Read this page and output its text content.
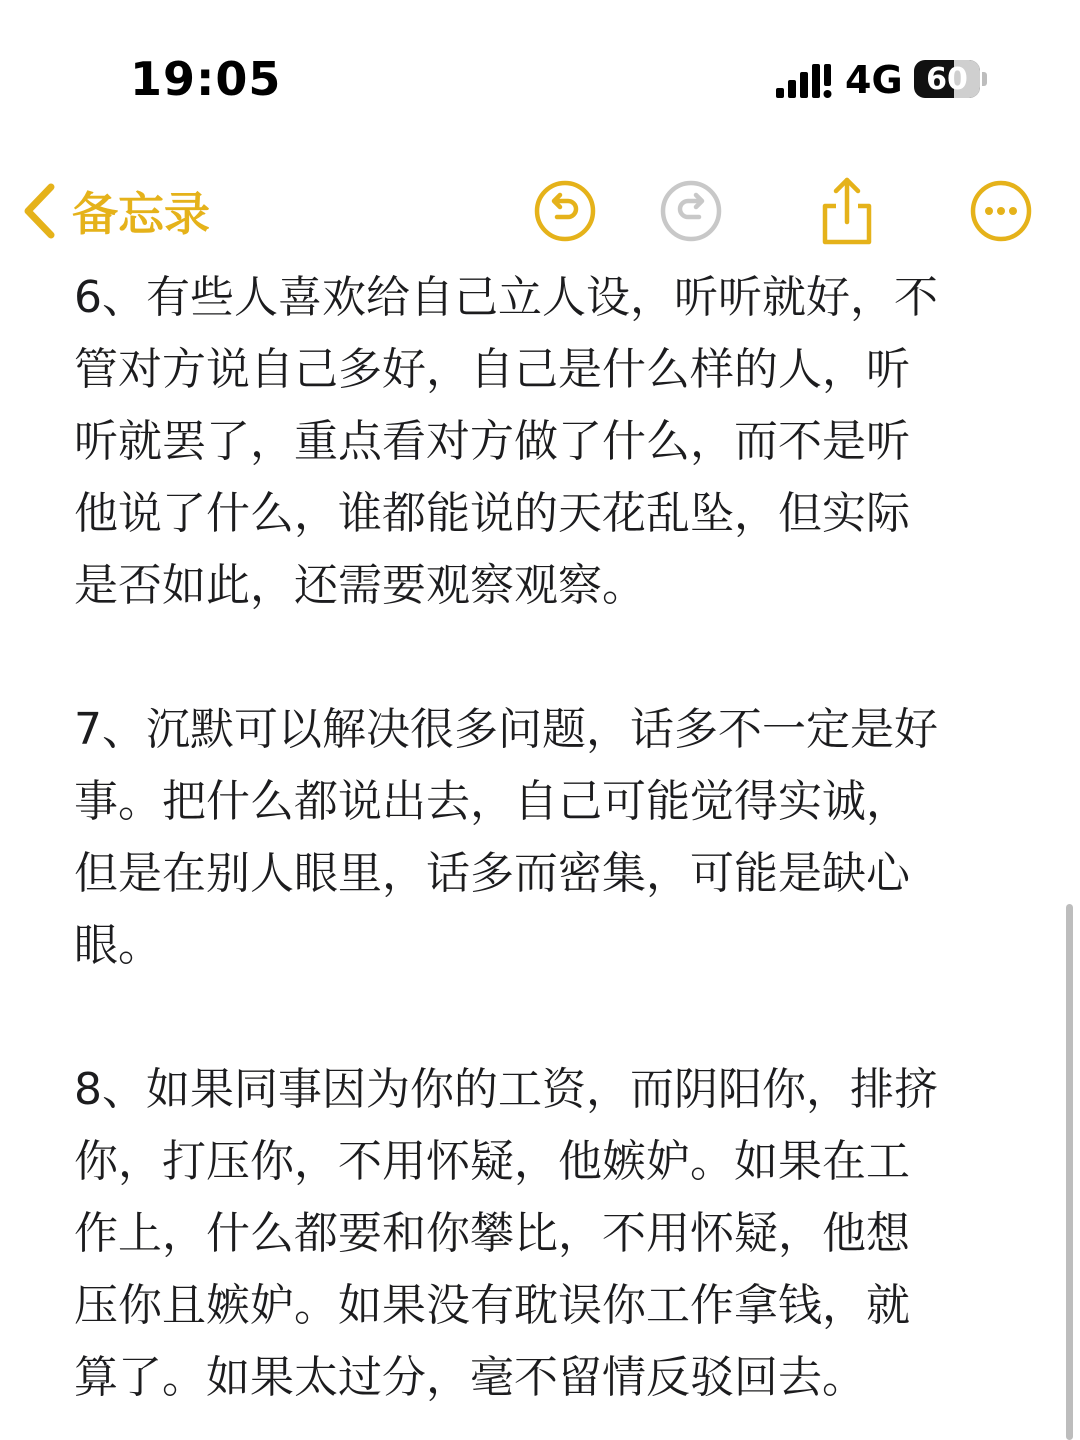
19:05	4G 60
备忘录

6、有些人喜欢给自己立人设，听听就好，不
管对方说自己多好，自己是什么样的人，听
听就罢了，重点看对方做了什么，而不是听
他说了什么，谁都能说的天花乱坠，但实际
是否如此，还需要观察观察。

7、沉默可以解决很多问题，话多不一定是好
事。把什么都说出去，自己可能觉得实诚，
但是在别人眼里，话多而密集，可能是缺心
眼。

8、如果同事因为你的工资，而阴阳你，排挤
你，打压你，不用怀疑，他嫉妒。如果在工
作上，什么都要和你攀比，不用怀疑，他想
压你且嫉妒。如果没有耽误你工作拿钱，就
算了。如果太过分，毫不留情反驳回去。
